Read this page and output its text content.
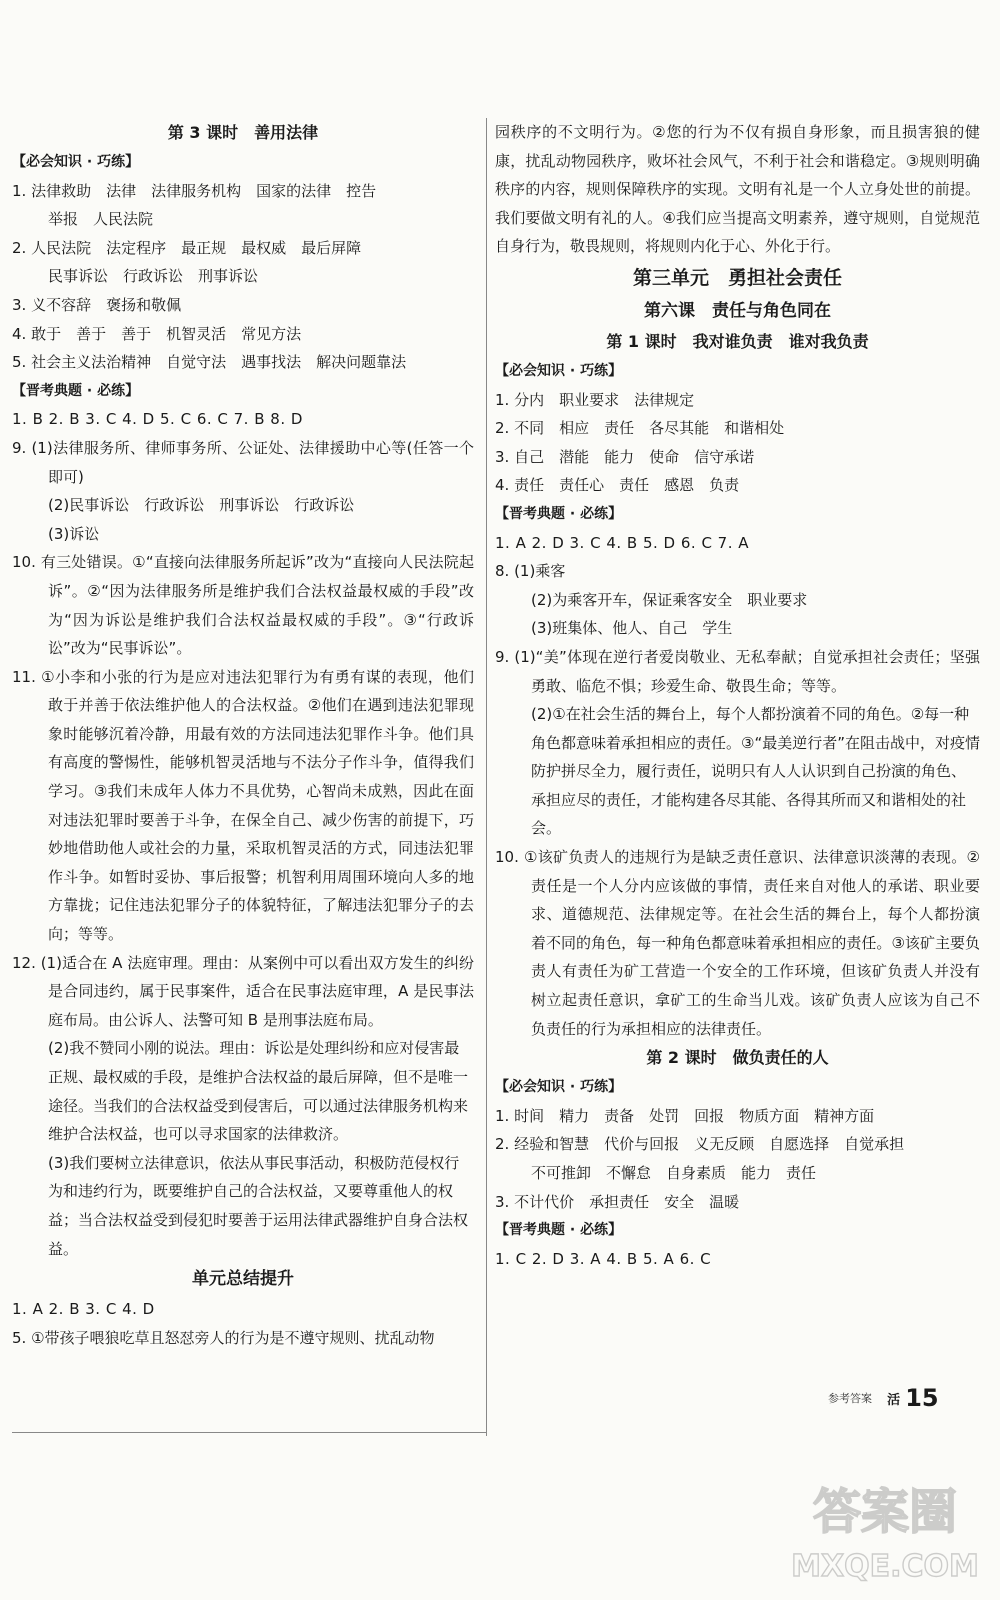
第 3 课时　善用法律

【必会知识 · 巧练】

1. 法律救助　法律　法律服务机构　国家的法律　控告

举报　人民法院

2. 人民法院　法定程序　最正规　最权威　最后屏障

民事诉讼　行政诉讼　刑事诉讼

3. 义不容辞　褒扬和敬佩

4. 敢于　善于　善于　机智灵活　常见方法

5. 社会主义法治精神　自觉守法　遇事找法　解决问题靠法

【晋考典题 · 必练】

1. B 2. B 3. C 4. D 5. C 6. C 7. B 8. D

9. (1)法律服务所、律师事务所、公证处、法律援助中心等(任答一个即可)

(2)民事诉讼　行政诉讼　刑事诉讼　行政诉讼

(3)诉讼

10. 有三处错误。①“直接向法律服务所起诉”改为“直接向人民法院起诉”。②“因为法律服务所是维护我们合法权益最权威的手段”改为“因为诉讼是维护我们合法权益最权威的手段”。③“行政诉讼”改为“民事诉讼”。

11. ①小李和小张的行为是应对违法犯罪行为有勇有谋的表现，他们敢于并善于依法维护他人的合法权益。②他们在遇到违法犯罪现象时能够沉着冷静，用最有效的方法同违法犯罪作斗争。他们具有高度的警惕性，能够机智灵活地与不法分子作斗争，值得我们学习。③我们未成年人体力不具优势，心智尚未成熟，因此在面对违法犯罪时要善于斗争，在保全自己、减少伤害的前提下，巧妙地借助他人或社会的力量，采取机智灵活的方式，同违法犯罪作斗争。如暂时妥协、事后报警；机智利用周围环境向人多的地方靠拢；记住违法犯罪分子的体貌特征，了解违法犯罪分子的去向；等等。

12. (1)适合在 A 法庭审理。理由：从案例中可以看出双方发生的纠纷是合同违约，属于民事案件，适合在民事法庭审理，A 是民事法庭布局。由公诉人、法警可知 B 是刑事法庭布局。

(2)我不赞同小刚的说法。理由：诉讼是处理纠纷和应对侵害最正规、最权威的手段，是维护合法权益的最后屏障，但不是唯一途径。当我们的合法权益受到侵害后，可以通过法律服务机构来维护合法权益，也可以寻求国家的法律救济。

(3)我们要树立法律意识，依法从事民事活动，积极防范侵权行为和违约行为，既要维护自己的合法权益，又要尊重他人的权益；当合法权益受到侵犯时要善于运用法律武器维护自身合法权益。

单元总结提升

1. A 2. B 3. C 4. D

5. ①带孩子喂狼吃草且怒怼旁人的行为是不遵守规则、扰乱动物

园秩序的不文明行为。②您的行为不仅有损自身形象，而且损害狼的健康，扰乱动物园秩序，败坏社会风气，不利于社会和谐稳定。③规则明确秩序的内容，规则保障秩序的实现。文明有礼是一个人立身处世的前提。我们要做文明有礼的人。④我们应当提高文明素养，遵守规则，自觉规范自身行为，敬畏规则，将规则内化于心、外化于行。

第三单元　勇担社会责任

第六课　责任与角色同在

第 1 课时　我对谁负责　谁对我负责

【必会知识 · 巧练】

1. 分内　职业要求　法律规定

2. 不同　相应　责任　各尽其能　和谐相处

3. 自己　潜能　能力　使命　信守承诺

4. 责任　责任心　责任　感恩　负责

【晋考典题 · 必练】

1. A 2. D 3. C 4. B 5. D 6. C 7. A

8. (1)乘客

(2)为乘客开车，保证乘客安全　职业要求

(3)班集体、他人、自己　学生

9. (1)“美”体现在逆行者爱岗敬业、无私奉献；自觉承担社会责任；坚强勇敢、临危不惧；珍爱生命、敬畏生命；等等。

(2)①在社会生活的舞台上，每个人都扮演着不同的角色。②每一种角色都意味着承担相应的责任。③“最美逆行者”在阻击战中，对疫情防护拼尽全力，履行责任，说明只有人人认识到自己扮演的角色、承担应尽的责任，才能构建各尽其能、各得其所而又和谐相处的社会。

10. ①该矿负责人的违规行为是缺乏责任意识、法律意识淡薄的表现。②责任是一个人分内应该做的事情，责任来自对他人的承诺、职业要求、道德规范、法律规定等。在社会生活的舞台上，每个人都扮演着不同的角色，每一种角色都意味着承担相应的责任。③该矿主要负责人有责任为矿工营造一个安全的工作环境，但该矿负责人并没有树立起责任意识，拿矿工的生命当儿戏。该矿负责人应该为自己不负责任的行为承担相应的法律责任。

第 2 课时　做负责任的人

【必会知识 · 巧练】

1. 时间　精力　责备　处罚　回报　物质方面　精神方面

2. 经验和智慧　代价与回报　义无反顾　自愿选择　自觉承担

不可推卸　不懈怠　自身素质　能力　责任

3. 不计代价　承担责任　安全　温暖

【晋考典题 · 必练】

1. C 2. D 3. A 4. B 5. A 6. C

参考答案 活 15
答案圈
MXQE.COM
